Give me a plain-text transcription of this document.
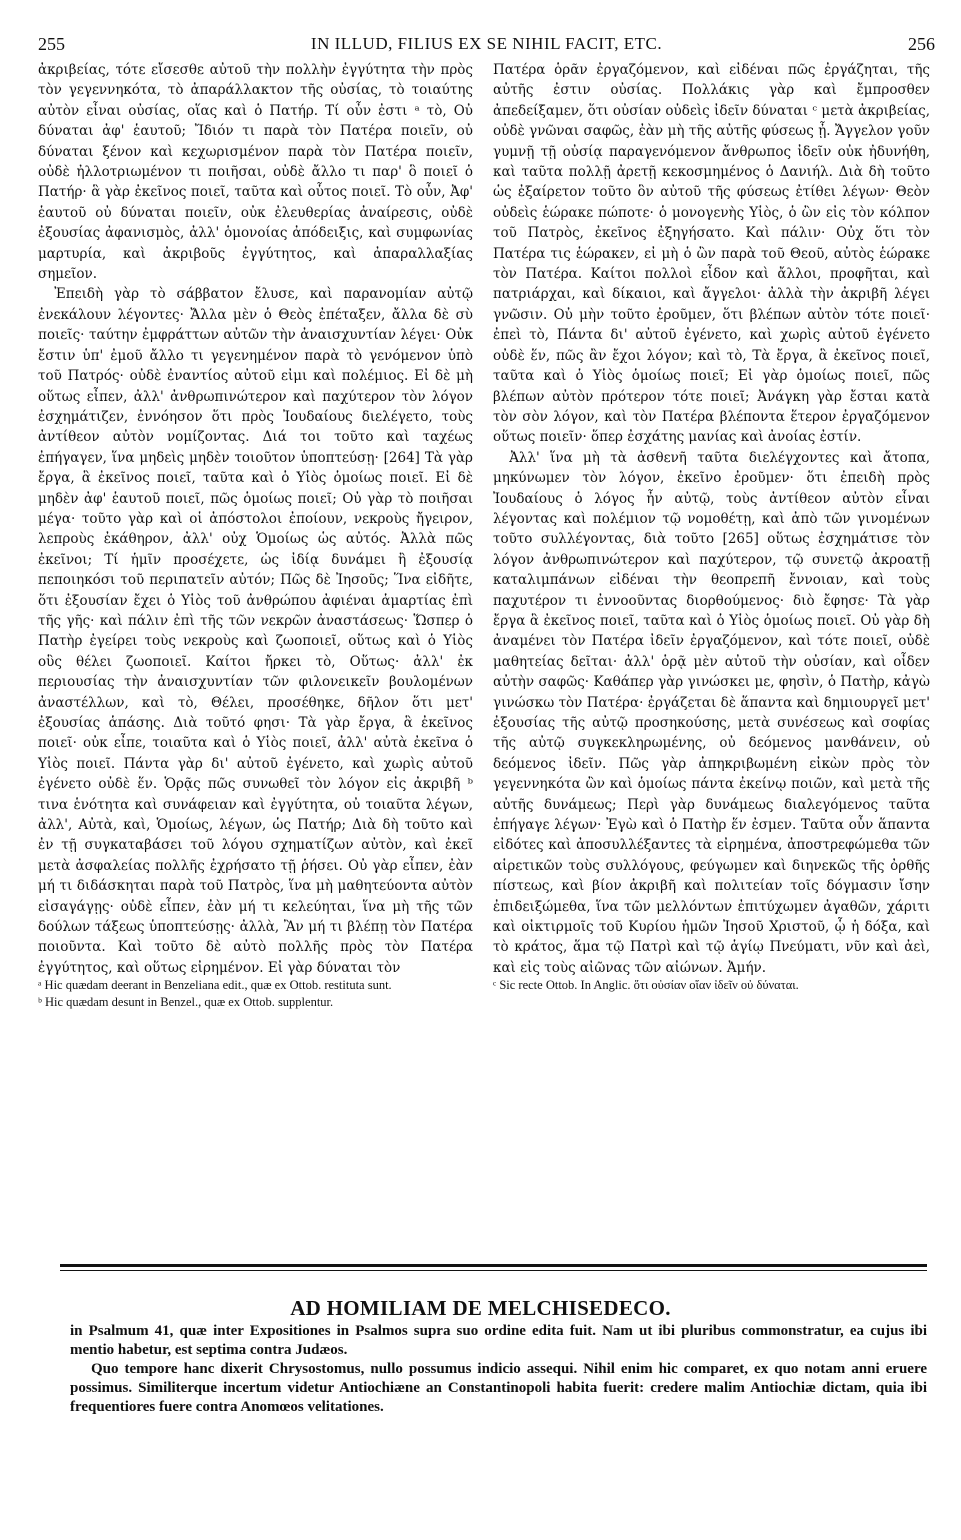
255	IN ILLUD, FILIUS EX SE NIHIL FACIT, ETC.	256

ἀκριβείας, τότε εἴσεσθε αὐτοῦ τὴν πολλὴν ἐγγύτητα τὴν πρὸς τὸν γεγεννηκότα, τὸ ἀπαράλλακτον τῆς οὐσίας, τὸ τοιαύτης αὐτὸν εἶναι οὐσίας, οἵας καὶ ὁ Πατήρ. Τί οὖν ἐστι ᵃ τὸ, Οὐ δύναται ἀφ' ἑαυτοῦ; Ἴδιόν τι παρὰ τὸν Πατέρα ποιεῖν, οὐ δύναται ξένον καὶ κεχωρισμένον παρὰ τὸν Πατέρα ποιεῖν, οὐδὲ ἠλλοτριωμένον τι ποιῆσαι, οὐδὲ ἄλλο τι παρ' ὃ ποιεῖ ὁ Πατήρ· ἃ γὰρ ἐκεῖνος ποιεῖ, ταῦτα καὶ οὗτος ποιεῖ. Τὸ οὖν, Ἀφ' ἑαυτοῦ οὐ δύναται ποιεῖν, οὐκ ἐλευθερίας ἀναίρεσις, οὐδὲ ἐξουσίας ἀφανισμὸς, ἀλλ' ὁμονοίας ἀπόδειξις, καὶ συμφωνίας μαρτυρία, καὶ ἀκριβοῦς ἐγγύτητος, καὶ ἀπαραλλαξίας σημεῖον.

Ἐπειδὴ γὰρ τὸ σάββατον ἔλυσε, καὶ παρανομίαν αὐτῷ ἐνεκάλουν λέγοντες· Ἄλλα μὲν ὁ Θεὸς ἐπέταξεν, ἄλλα δὲ σὺ ποιεῖς· ταύτην ἐμφράττων αὐτῶν τὴν ἀναισχυντίαν λέγει· Οὐκ ἔστιν ὑπ' ἐμοῦ ἄλλο τι γεγενημένον παρὰ τὸ γενόμενον ὑπὸ τοῦ Πατρός· οὐδὲ ἐναντίος αὐτοῦ εἰμι καὶ πολέμιος. Εἰ δὲ μὴ οὕτως εἶπεν, ἀλλ' ἀνθρωπινώτερον καὶ παχύτερον τὸν λόγον ἐσχημάτιζεν, ἐννόησον ὅτι πρὸς Ἰουδαίους διελέγετο, τοὺς ἀντίθεον αὐτὸν νομίζοντας. Διά τοι τοῦτο καὶ ταχέως ἐπήγαγεν, ἵνα μηδεὶς μηδὲν τοιοῦτον ὑποπτεύσῃ· [264] Τὰ γὰρ ἔργα, ἃ ἐκεῖνος ποιεῖ, ταῦτα καὶ ὁ Υἱὸς ὁμοίως ποιεῖ. Εἰ δὲ μηδὲν ἀφ' ἑαυτοῦ ποιεῖ, πῶς ὁμοίως ποιεῖ; Οὐ γὰρ τὸ ποιῆσαι μέγα· τοῦτο γὰρ καὶ οἱ ἀπόστολοι ἐποίουν, νεκροὺς ἤγειρον, λεπροὺς ἐκάθηρον, ἀλλ' οὐχ Ὁμοίως ὡς αὐτός. Ἀλλὰ πῶς ἐκεῖνοι; Τί ἡμῖν προσέχετε, ὡς ἰδίᾳ δυνάμει ἢ ἐξουσίᾳ πεποιηκόσι τοῦ περιπατεῖν αὐτόν; Πῶς δὲ Ἰησοῦς; Ἵνα εἰδῆτε, ὅτι ἐξουσίαν ἔχει ὁ Υἱὸς τοῦ ἀνθρώπου ἀφιέναι ἁμαρτίας ἐπὶ τῆς γῆς· καὶ πάλιν ἐπὶ τῆς τῶν νεκρῶν ἀναστάσεως· Ὥσπερ ὁ Πατὴρ ἐγείρει τοὺς νεκροὺς καὶ ζωοποιεῖ, οὕτως καὶ ὁ Υἱὸς οὓς θέλει ζωοποιεῖ. Καίτοι ἤρκει τὸ, Οὕτως· ἀλλ' ἐκ περιουσίας τὴν ἀναισχυντίαν τῶν φιλονεικεῖν βουλομένων ἀναστέλλων, καὶ τὸ, Θέλει, προσέθηκε, δῆλον ὅτι μετ' ἐξουσίας ἁπάσης. Διὰ τοῦτό φησι· Τὰ γὰρ ἔργα, ἃ ἐκεῖνος ποιεῖ· οὐκ εἶπε, τοιαῦτα καὶ ὁ Υἱὸς ποιεῖ, ἀλλ' αὐτὰ ἐκεῖνα ὁ Υἱὸς ποιεῖ. Πάντα γὰρ δι' αὐτοῦ ἐγένετο, καὶ χωρὶς αὐτοῦ ἐγένετο οὐδὲ ἕν. Ὁρᾷς πῶς συνωθεῖ τὸν λόγον εἰς ἀκριβῆ ᵇ τινα ἑνότητα καὶ συνάφειαν καὶ ἐγγύτητα, οὐ τοιαῦτα λέγων, ἀλλ', Αὐτὰ, καὶ, Ὁμοίως, λέγων, ὡς Πατήρ; Διὰ δὴ τοῦτο καὶ ἐν τῇ συγκαταβάσει τοῦ λόγου σχηματίζων αὐτὸν, καὶ ἐκεῖ μετὰ ἀσφαλείας πολλῆς ἐχρήσατο τῇ ῥήσει. Οὐ γὰρ εἶπεν, ἐὰν μή τι διδάσκηται παρὰ τοῦ Πατρὸς, ἵνα μὴ μαθητεύοντα αὐτὸν εἰσαγάγῃς· οὐδὲ εἶπεν, ἐὰν μή τι κελεύηται, ἵνα μὴ τῆς τῶν δούλων τάξεως ὑποπτεύσῃς· ἀλλὰ, Ἂν μή τι βλέπῃ τὸν Πατέρα ποιοῦντα. Καὶ τοῦτο δὲ αὐτὸ πολλῆς πρὸς τὸν Πατέρα ἐγγύτητος, καὶ οὕτως εἰρημένον. Εἰ γὰρ δύναται τὸν

ᵃ Hic quædam deerant in Benzeliana edit., quæ ex Ottob. restituta sunt.

ᵇ Hic quædam desunt in Benzel., quæ ex Ottob. supplentur.

Πατέρα ὁρᾶν ἐργαζόμενον, καὶ εἰδέναι πῶς ἐργάζηται, τῆς αὐτῆς ἐστιν οὐσίας. Πολλάκις γὰρ καὶ ἔμπροσθεν ἀπεδείξαμεν, ὅτι οὐσίαν οὐδεὶς ἰδεῖν δύναται ᶜ μετὰ ἀκριβείας, οὐδὲ γνῶναι σαφῶς, ἐὰν μὴ τῆς αὐτῆς φύσεως ᾖ. Ἄγγελον γοῦν γυμνῇ τῇ οὐσίᾳ παραγενόμενον ἄνθρωπος ἰδεῖν οὐκ ἠδυνήθη, καὶ ταῦτα πολλῇ ἀρετῇ κεκοσμημένος ὁ Δανιήλ. Διὰ δὴ τοῦτο ὡς ἐξαίρετον τοῦτο ὃν αὐτοῦ τῆς φύσεως ἐτίθει λέγων· Θεὸν οὐδεὶς ἑώρακε πώποτε· ὁ μονογενὴς Υἱὸς, ὁ ὢν εἰς τὸν κόλπον τοῦ Πατρὸς, ἐκεῖνος ἐξηγήσατο. Καὶ πάλιν· Οὐχ ὅτι τὸν Πατέρα τις ἑώρακεν, εἰ μὴ ὁ ὢν παρὰ τοῦ Θεοῦ, αὐτὸς ἑώρακε τὸν Πατέρα. Καίτοι πολλοὶ εἶδον καὶ ἄλλοι, προφῆται, καὶ πατριάρχαι, καὶ δίκαιοι, καὶ ἄγγελοι· ἀλλὰ τὴν ἀκριβῆ λέγει γνῶσιν. Οὐ μὴν τοῦτο ἐροῦμεν, ὅτι βλέπων αὐτὸν τότε ποιεῖ· ἐπεὶ τὸ, Πάντα δι' αὐτοῦ ἐγένετο, καὶ χωρὶς αὐτοῦ ἐγένετο οὐδὲ ἕν, πῶς ἂν ἔχοι λόγον; καὶ τὸ, Τὰ ἔργα, ἃ ἐκεῖνος ποιεῖ, ταῦτα καὶ ὁ Υἱὸς ὁμοίως ποιεῖ; Εἰ γὰρ ὁμοίως ποιεῖ, πῶς βλέπων αὐτὸν πρότερον τότε ποιεῖ; Ἀνάγκη γὰρ ἔσται κατὰ τὸν σὸν λόγον, καὶ τὸν Πατέρα βλέποντα ἕτερον ἐργαζόμενον οὕτως ποιεῖν· ὅπερ ἐσχάτης μανίας καὶ ἀνοίας ἐστίν.

Ἀλλ' ἵνα μὴ τὰ ἀσθενῆ ταῦτα διελέγχοντες καὶ ἄτοπα, μηκύνωμεν τὸν λόγον, ἐκεῖνο ἐροῦμεν· ὅτι ἐπειδὴ πρὸς Ἰουδαίους ὁ λόγος ἦν αὐτῷ, τοὺς ἀντίθεον αὐτὸν εἶναι λέγοντας καὶ πολέμιον τῷ νομοθέτῃ, καὶ ἀπὸ τῶν γινομένων τοῦτο συλλέγοντας, διὰ τοῦτο [265] οὕτως ἐσχημάτισε τὸν λόγον ἀνθρωπινώτερον καὶ παχύτερον, τῷ συνετῷ ἀκροατῇ καταλιμπάνων εἰδέναι τὴν θεοπρεπῆ ἔννοιαν, καὶ τοὺς παχυτέρον τι ἐννοοῦντας διορθούμενος· διὸ ἔφησε· Τὰ γὰρ ἔργα ἃ ἐκεῖνος ποιεῖ, ταῦτα καὶ ὁ Υἱὸς ὁμοίως ποιεῖ. Οὐ γὰρ δὴ ἀναμένει τὸν Πατέρα ἰδεῖν ἐργαζόμενον, καὶ τότε ποιεῖ, οὐδὲ μαθητείας δεῖται· ἀλλ' ὁρᾷ μὲν αὐτοῦ τὴν οὐσίαν, καὶ οἶδεν αὐτὴν σαφῶς· Καθάπερ γὰρ γινώσκει με, φησὶν, ὁ Πατὴρ, κἀγὼ γινώσκω τὸν Πατέρα· ἐργάζεται δὲ ἅπαντα καὶ δημιουργεῖ μετ' ἐξουσίας τῆς αὐτῷ προσηκούσης, μετὰ συνέσεως καὶ σοφίας τῆς αὐτῷ συγκεκληρωμένης, οὐ δεόμενος μανθάνειν, οὐ δεόμενος ἰδεῖν. Πῶς γὰρ ἀπηκριβωμένη εἰκὼν πρὸς τὸν γεγεννηκότα ὢν καὶ ὁμοίως πάντα ἐκείνῳ ποιῶν, καὶ μετὰ τῆς αὐτῆς δυνάμεως; Περὶ γὰρ δυνάμεως διαλεγόμενος ταῦτα ἐπήγαγε λέγων· Ἐγὼ καὶ ὁ Πατὴρ ἕν ἐσμεν. Ταῦτα οὖν ἅπαντα εἰδότες καὶ ἀποσυλλέξαντες τὰ εἰρημένα, ἀποστρεφώμεθα τῶν αἱρετικῶν τοὺς συλλόγους, φεύγωμεν καὶ διηνεκῶς τῆς ὀρθῆς πίστεως, καὶ βίον ἀκριβῆ καὶ πολιτείαν τοῖς δόγμασιν ἴσην ἐπιδειξώμεθα, ἵνα τῶν μελλόντων ἐπιτύχωμεν ἀγαθῶν, χάριτι καὶ οἰκτιρμοῖς τοῦ Κυρίου ἡμῶν Ἰησοῦ Χριστοῦ, ᾧ ἡ δόξα, καὶ τὸ κράτος, ἅμα τῷ Πατρὶ καὶ τῷ ἁγίῳ Πνεύματι, νῦν καὶ ἀεὶ, καὶ εἰς τοὺς αἰῶνας τῶν αἰώνων. Ἀμήν.

ᶜ Sic recte Ottob. In Anglic. ὅτι οὐσίαν οἵαν ἰδεῖν οὐ δύναται.

AD HOMILIAM DE MELCHISEDECO.

in Psalmum 41, quæ inter Expositiones in Psalmos supra suo ordine edita fuit. Nam ut ibi pluribus commonstratur, ea cujus ibi mentio habetur, est septima contra Judæos.

Quo tempore hanc dixerit Chrysostomus, nullo possumus indicio assequi. Nihil enim hic comparet, ex quo notam anni eruere possimus. Similiterque incertum videtur Antiochiæne an Constantinopoli habita fuerit: credere malim Antiochiæ dictam, quia ibi frequentiores fuere contra Anomœos velitationes.
